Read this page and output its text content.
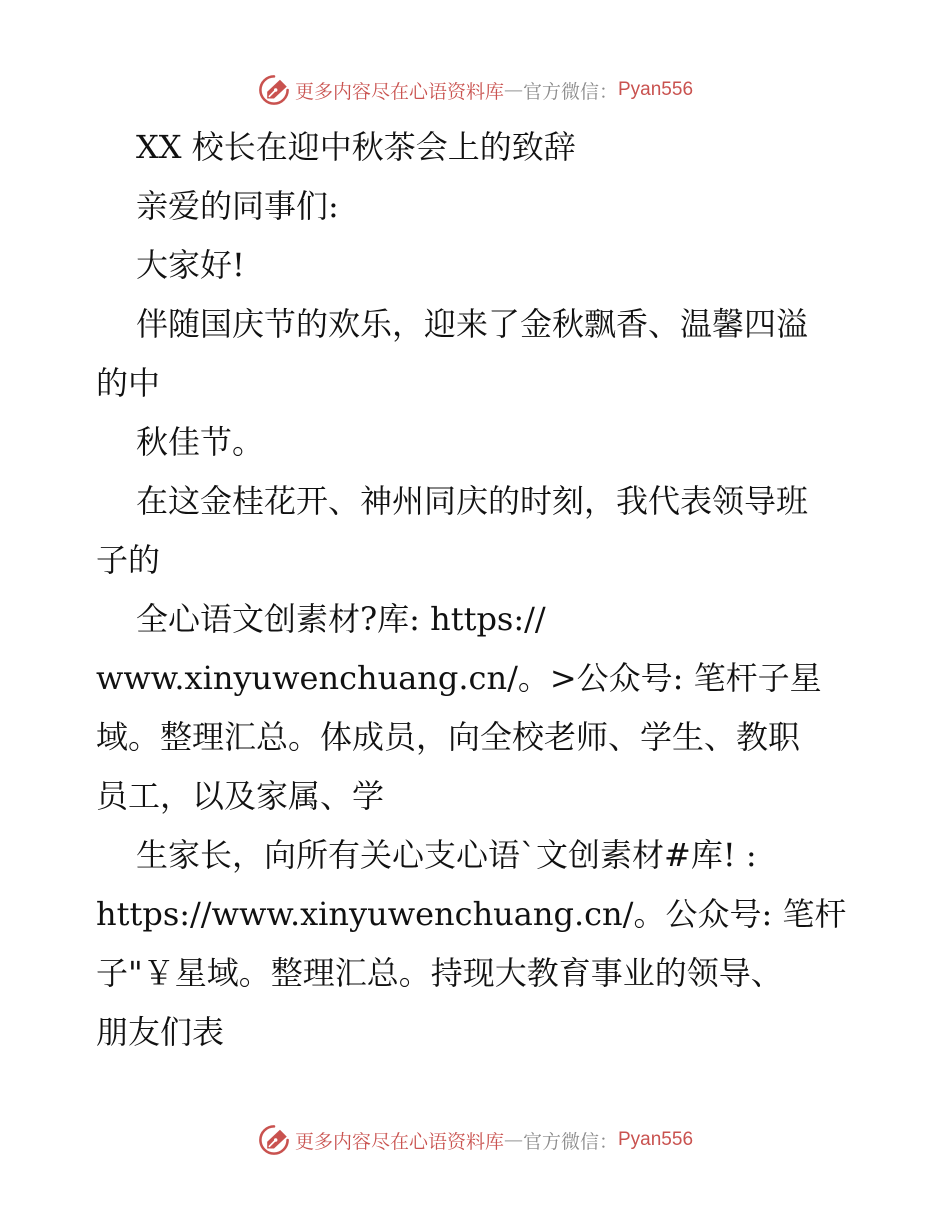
更多内容尽在心语资料库 — 官方微信： Pyan556

XX 校长在迎中秋茶会上的致辞

亲爱的同事们:

大家好!

伴随国庆节的欢乐，迎来了金秋飘香、温馨四溢

的中

秋佳节。

在这金桂花开、神州同庆的时刻，我代表领导班

子的

全心语文创素材?库: https://

www.xinyuwenchuang.cn/。>公众号: 笔杆子星

域。整理汇总。体成员，向全校老师、学生、教职

员工，以及家属、学

生家长，向所有关心支心语`文创素材#库! :

https://www.xinyuwenchuang.cn/。公众号: 笔杆

子"￥星域。整理汇总。持现大教育事业的领导、

朋友们表

更多内容尽在心语资料库 — 官方微信： Pyan556
